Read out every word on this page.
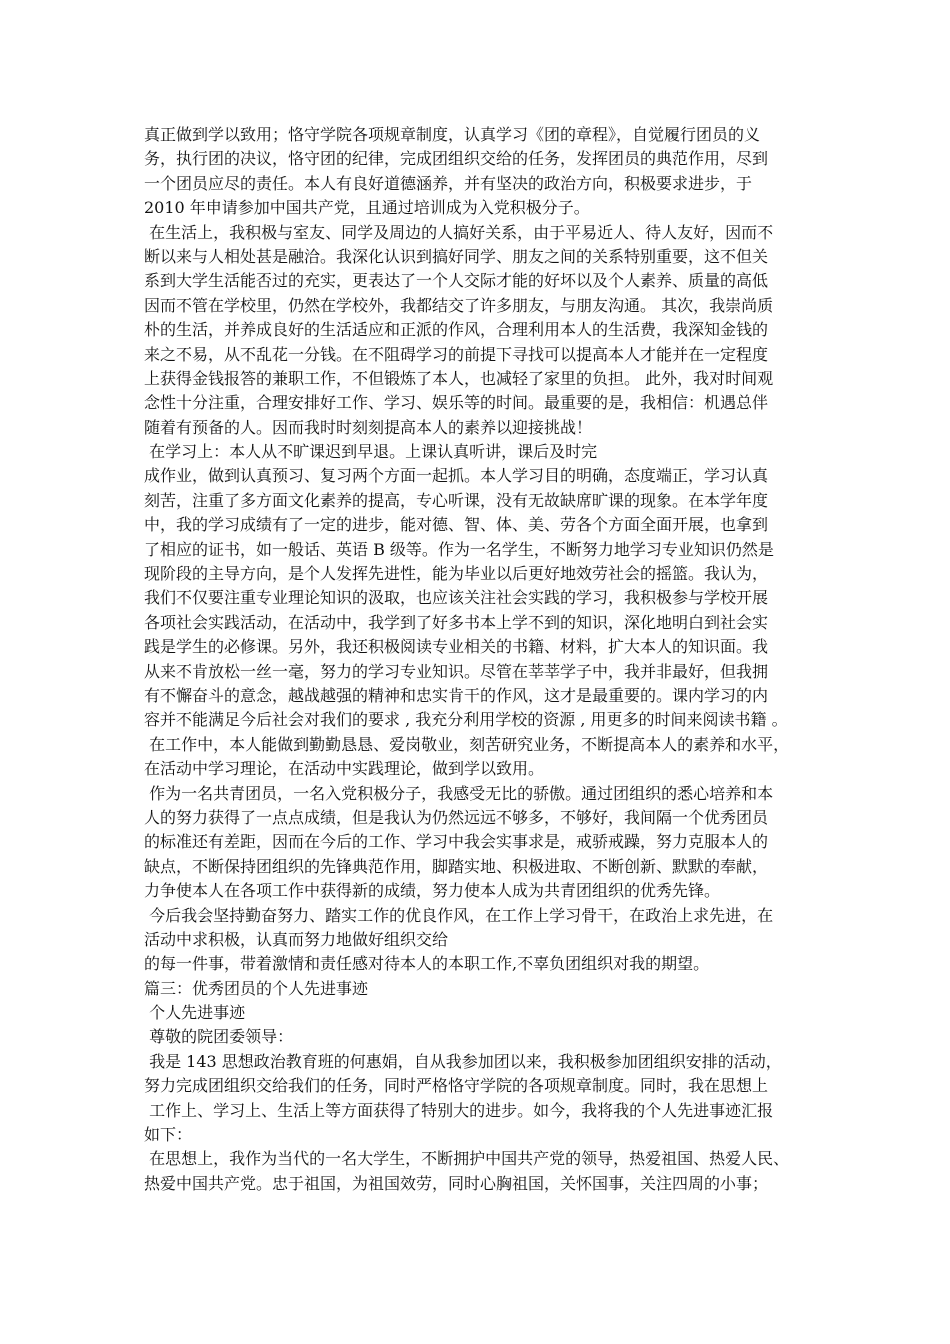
真正做到学以致用；恪守学院各项规章制度，认真学习《团的章程》，自觉履行团员的义
务，执行团的决议，恪守团的纪律，完成团组织交给的任务，发挥团员的典范作用，尽到
一个团员应尽的责任。本人有良好道德涵养，并有坚决的政治方向，积极要求进步，于
2010 年申请参加中国共产党，且通过培训成为入党积极分子。
在生活上，我积极与室友、同学及周边的人搞好关系，由于平易近人、待人友好，因而不
断以来与人相处甚是融洽。我深化认识到搞好同学、朋友之间的关系特别重要，这不但关
系到大学生活能否过的充实，更表达了一个人交际才能的好坏以及个人素养、质量的高低
因而不管在学校里，仍然在学校外，我都结交了许多朋友，与朋友沟通。 其次，我崇尚质
朴的生活，并养成良好的生活适应和正派的作风，合理利用本人的生活费，我深知金钱的
来之不易，从不乱花一分钱。在不阻碍学习的前提下寻找可以提高本人才能并在一定程度
上获得金钱报答的兼职工作，不但锻炼了本人，也减轻了家里的负担。 此外，我对时间观
念性十分注重，合理安排好工作、学习、娱乐等的时间。最重要的是，我相信：机遇总伴
随着有预备的人。因而我时时刻刻提高本人的素养以迎接挑战！
在学习上：本人从不旷课迟到早退。上课认真听讲，课后及时完
成作业，做到认真预习、复习两个方面一起抓。本人学习目的明确，态度端正，学习认真
刻苦，注重了多方面文化素养的提高，专心听课，没有无故缺席旷课的现象。在本学年度
中，我的学习成绩有了一定的进步，能对德、智、体、美、劳各个方面全面开展，也拿到
了相应的证书，如一般话、英语 B 级等。作为一名学生，不断努力地学习专业知识仍然是
现阶段的主导方向，是个人发挥先进性，能为毕业以后更好地效劳社会的摇篮。我认为，
我们不仅要注重专业理论知识的汲取，也应该关注社会实践的学习，我积极参与学校开展
各项社会实践活动，在活动中，我学到了好多书本上学不到的知识，深化地明白到社会实
践是学生的必修课。另外，我还积极阅读专业相关的书籍、材料，扩大本人的知识面。我
从来不肯放松一丝一毫，努力的学习专业知识。尽管在莘莘学子中，我并非最好，但我拥
有不懈奋斗的意念，越战越强的精神和忠实肯干的作风，这才是最重要的。课内学习的内
容并不能满足今后社会对我们的要求 , 我充分利用学校的资源 , 用更多的时间来阅读书籍 。
在工作中，本人能做到勤勤恳恳、爱岗敬业，刻苦研究业务，不断提高本人的素养和水平，
在活动中学习理论，在活动中实践理论，做到学以致用。
作为一名共青团员，一名入党积极分子，我感受无比的骄傲。通过团组织的悉心培养和本
人的努力获得了一点点成绩，但是我认为仍然远远不够多，不够好，我间隔一个优秀团员
的标准还有差距，因而在今后的工作、学习中我会实事求是，戒骄戒躁，努力克服本人的
缺点，不断保持团组织的先锋典范作用，脚踏实地、积极进取、不断创新、默默的奉献，
力争使本人在各项工作中获得新的成绩，努力使本人成为共青团组织的优秀先锋。
今后我会坚持勤奋努力、踏实工作的优良作风，在工作上学习骨干，在政治上求先进，在
活动中求积极，认真而努力地做好组织交给
的每一件事，带着激情和责任感对待本人的本职工作,不辜负团组织对我的期望。
篇三：优秀团员的个人先进事迹
个人先进事迹
尊敬的院团委领导：
我是 143 思想政治教育班的何惠娟，自从我参加团以来，我积极参加团组织安排的活动，
努力完成团组织交给我们的任务，同时严格恪守学院的各项规章制度。同时，我在思想上
工作上、学习上、生活上等方面获得了特别大的进步。如今，我将我的个人先进事迹汇报
如下：
在思想上，我作为当代的一名大学生，不断拥护中国共产党的领导，热爱祖国、热爱人民、
热爱中国共产党。忠于祖国，为祖国效劳，同时心胸祖国，关怀国事，关注四周的小事；
